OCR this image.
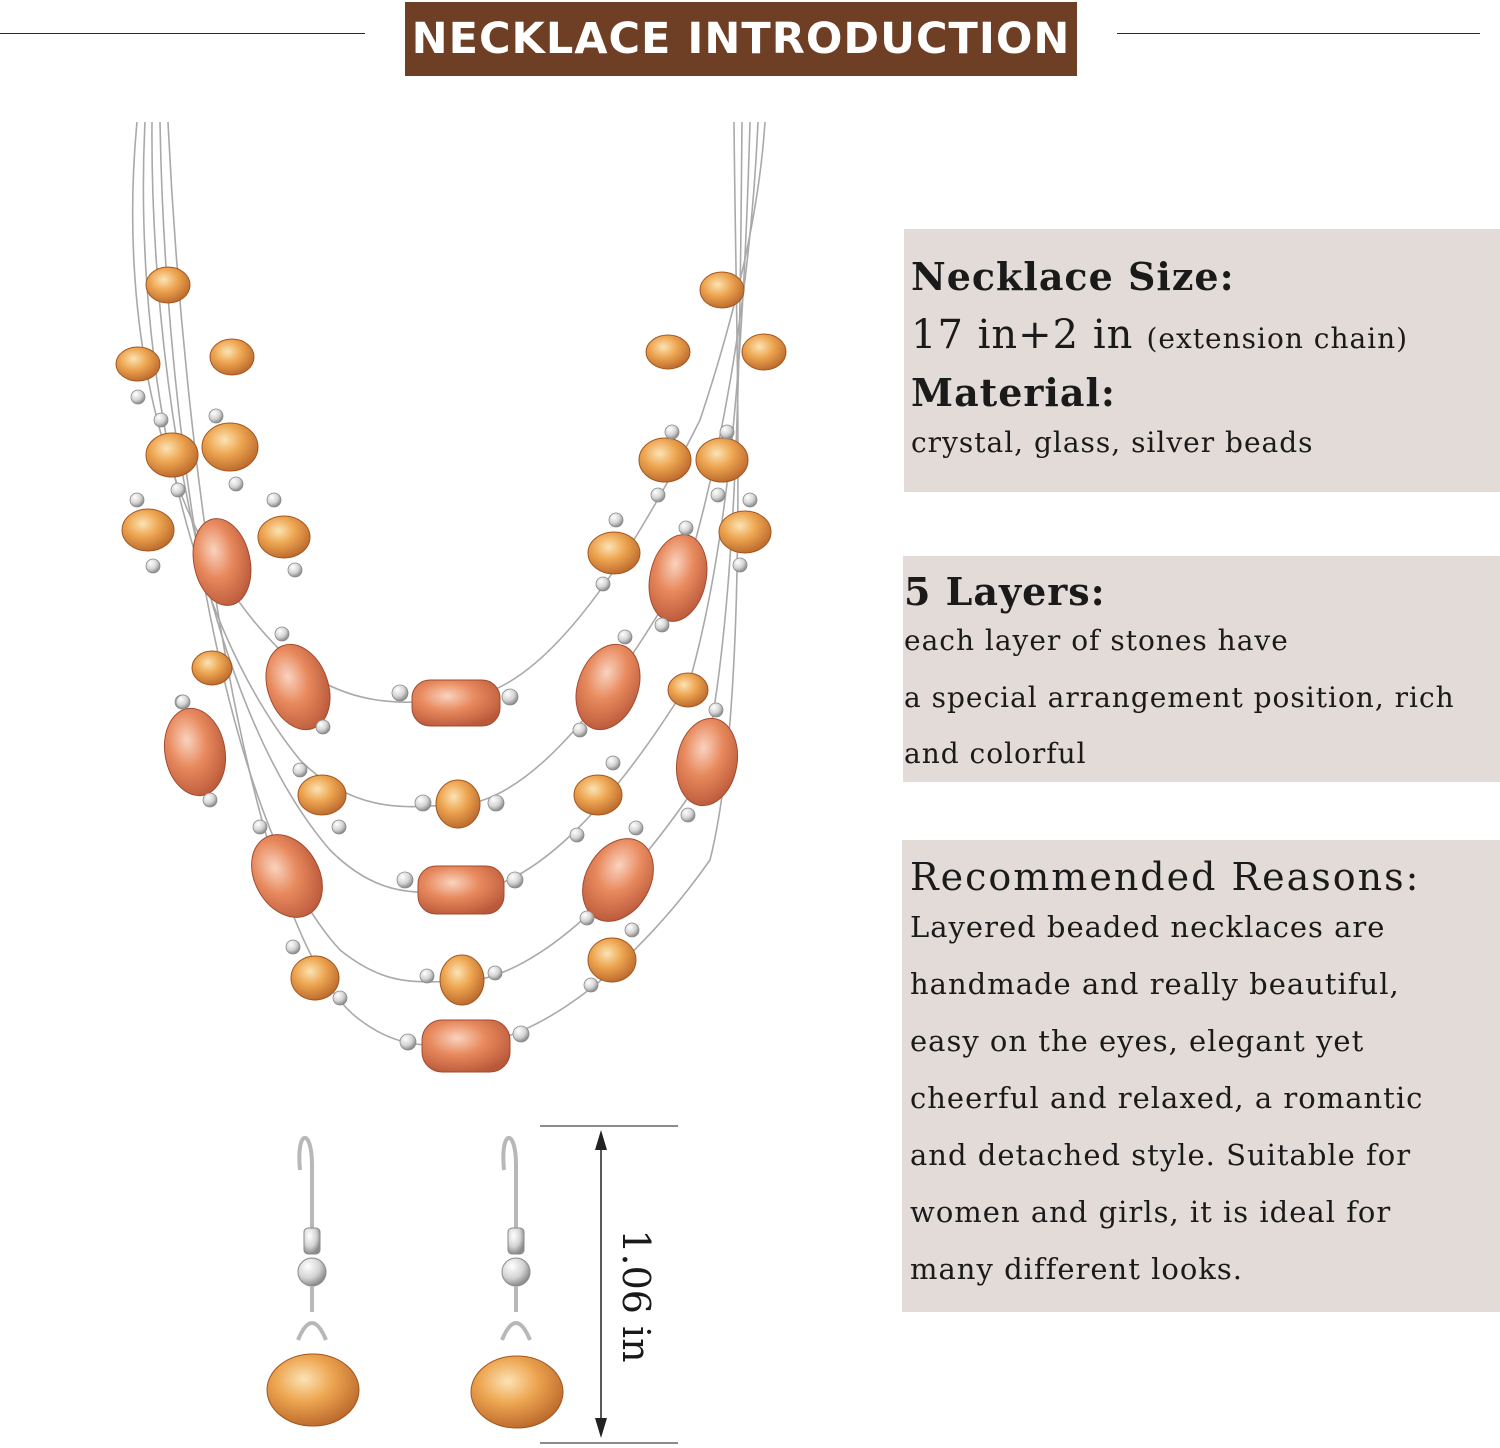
NECKLACE INTRODUCTION
1.06 in
Necklace Size:
17 in+2 in (extension chain)
Material:
crystal, glass, silver beads
5 Layers:
each layer of stones have
a special arrangement position, rich
and colorful
Recommended Reasons:
Layered beaded necklaces are
handmade and really beautiful,
easy on the eyes, elegant yet
cheerful and relaxed, a romantic
and detached style. Suitable for
women and girls, it is ideal for
many different looks.
